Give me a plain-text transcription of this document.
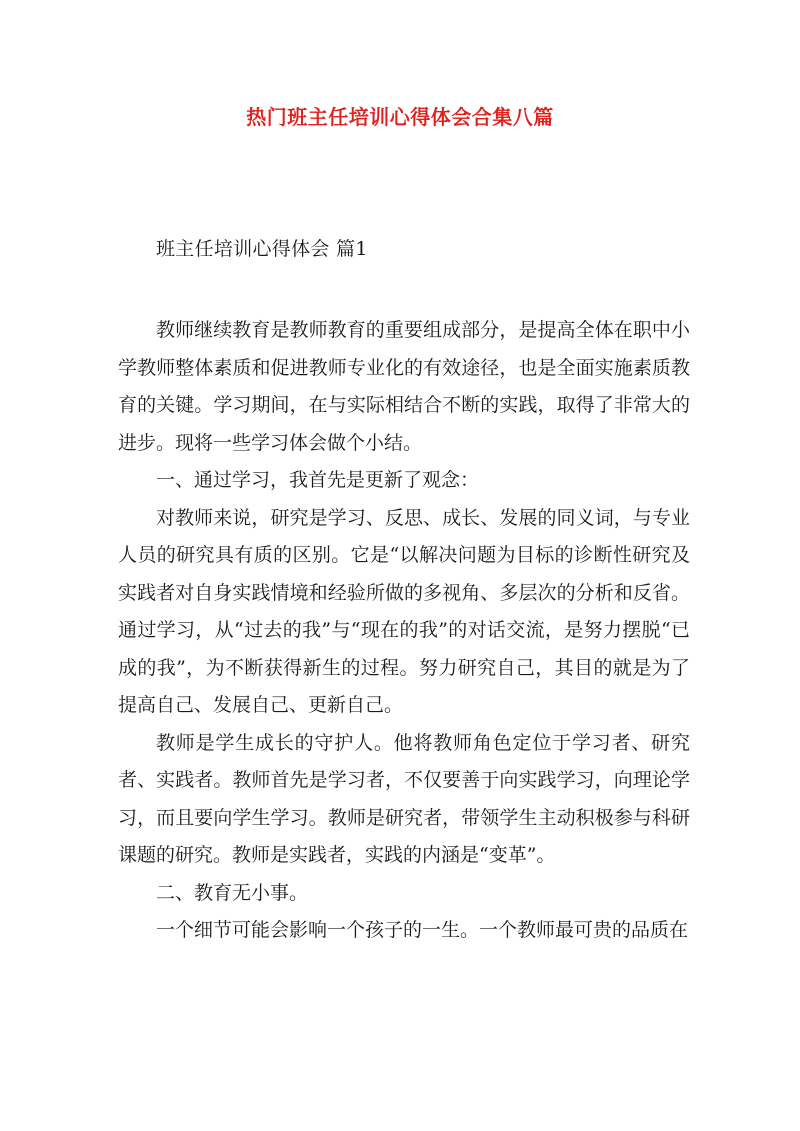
热门班主任培训心得体会合集八篇
班主任培训心得体会 篇1

教师继续教育是教师教育的重要组成部分，是提高全体在职中小学教师整体素质和促进教师专业化的有效途径，也是全面实施素质教育的关键。学习期间，在与实际相结合不断的实践，取得了非常大的进步。现将一些学习体会做个小结。

一、通过学习，我首先是更新了观念：

对教师来说，研究是学习、反思、成长、发展的同义词，与专业人员的研究具有质的区别。它是“以解决问题为目标的诊断性研究及实践者对自身实践情境和经验所做的多视角、多层次的分析和反省。通过学习，从“过去的我”与“现在的我”的对话交流，是努力摆脱“已成的我”，为不断获得新生的过程。努力研究自己，其目的就是为了提高自己、发展自己、更新自己。

教师是学生成长的守护人。他将教师角色定位于学习者、研究者、实践者。教师首先是学习者，不仅要善于向实践学习，向理论学习，而且要向学生学习。教师是研究者，带领学生主动积极参与科研课题的研究。教师是实践者，实践的内涵是“变革”。

二、教育无小事。

一个细节可能会影响一个孩子的一生。一个教师最可贵的品质在
